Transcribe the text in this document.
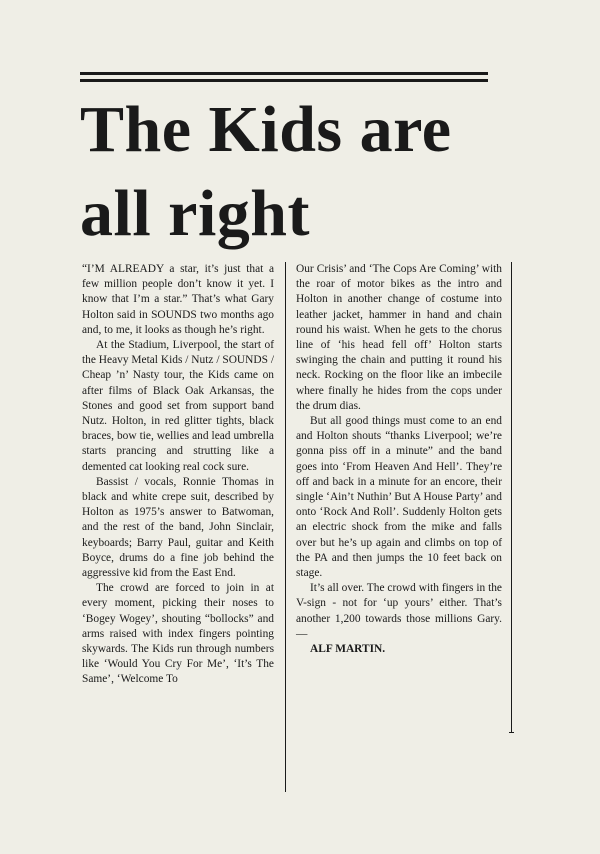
The Kids are
all right

“I’M ALREADY a star, it’s just that a few million people don’t know it yet. I know that I’m a star.” That’s what Gary Holton said in SOUNDS two months ago and, to me, it looks as though he’s right.

At the Stadium, Liverpool, the start of the Heavy Metal Kids / Nutz / SOUNDS / Cheap ’n’ Nasty tour, the Kids came on after films of Black Oak Arkansas, the Stones and good set from support band Nutz. Holton, in red glitter tights, black braces, bow tie, wellies and lead umbrella starts prancing and strutting like a demented cat looking real cock sure.

Bassist / vocals, Ronnie Thomas in black and white crepe suit, described by Holton as 1975’s answer to Batwoman, and the rest of the band, John Sinclair, keyboards; Barry Paul, guitar and Keith Boyce, drums do a fine job behind the aggressive kid from the East End.

The crowd are forced to join in at every moment, picking their noses to ‘Bogey Wogey’, shouting “bollocks” and arms raised with index fingers pointing skywards. The Kids run through numbers like ‘Would You Cry For Me’, ‘It’s The Same’, ‘Welcome To

Our Crisis’ and ‘The Cops Are Coming’ with the roar of motor bikes as the intro and Holton in another change of costume into leather jacket, hammer in hand and chain round his waist. When he gets to the chorus line of ‘his head fell off’ Holton starts swinging the chain and putting it round his neck. Rocking on the floor like an imbecile where finally he hides from the cops under the drum dias.

But all good things must come to an end and Holton shouts “thanks Liverpool; we’re gonna piss off in a minute” and the band goes into ‘From Heaven And Hell’. They’re off and back in a minute for an encore, their single ‘Ain’t Nuthin’ But A House Party’ and onto ‘Rock And Roll’. Suddenly Holton gets an electric shock from the mike and falls over but he’s up again and climbs on top of the PA and then jumps the 10 feet back on stage.

It’s all over. The crowd with fingers in the V-sign - not for ‘up yours’ either. That’s another 1,200 towards those millions Gary. —

ALF MARTIN.
